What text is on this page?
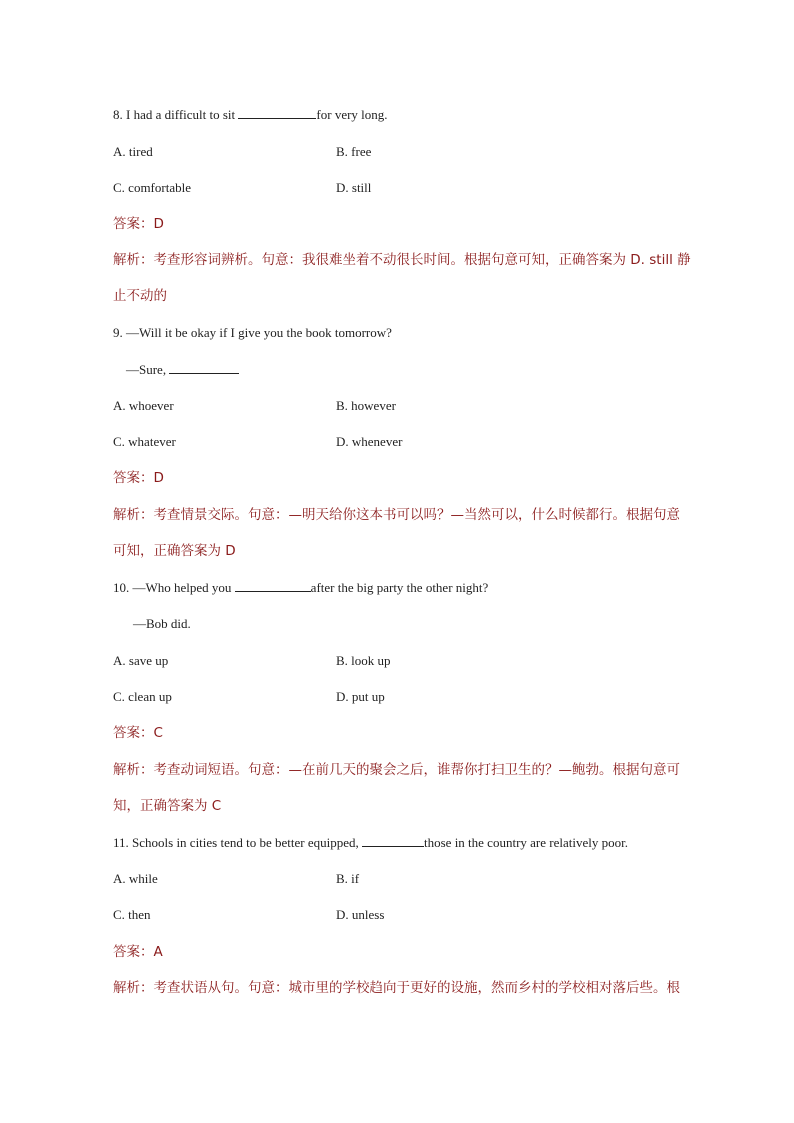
8. I had a difficult to sit	for very long.
A. tired	B. free
C. comfortable	D. still
答案：D
解析：考查形容词辨析。句意：我很难坐着不动很长时间。根据句意可知，正确答案为 D. still 静
止不动的
9. —Will it be okay if I give you the book tomorrow?
—Sure,
A. whoever	B. however
C. whatever	D. whenever
答案：D
解析：考查情景交际。句意：—明天给你这本书可以吗？—当然可以，什么时候都行。根据句意
可知，正确答案为 D
10. —Who helped you	after the big party the other night?
—Bob did.
A. save up	B. look up
C. clean up	D. put up
答案：C
解析：考查动词短语。句意：—在前几天的聚会之后，谁帮你打扫卫生的？—鲍勃。根据句意可
知，正确答案为 C
11. Schools in cities tend to be better equipped,	those in the country are relatively poor.
A. while	B. if
C. then	D. unless
答案：A
解析：考查状语从句。句意：城市里的学校趋向于更好的设施，然而乡村的学校相对落后些。根
